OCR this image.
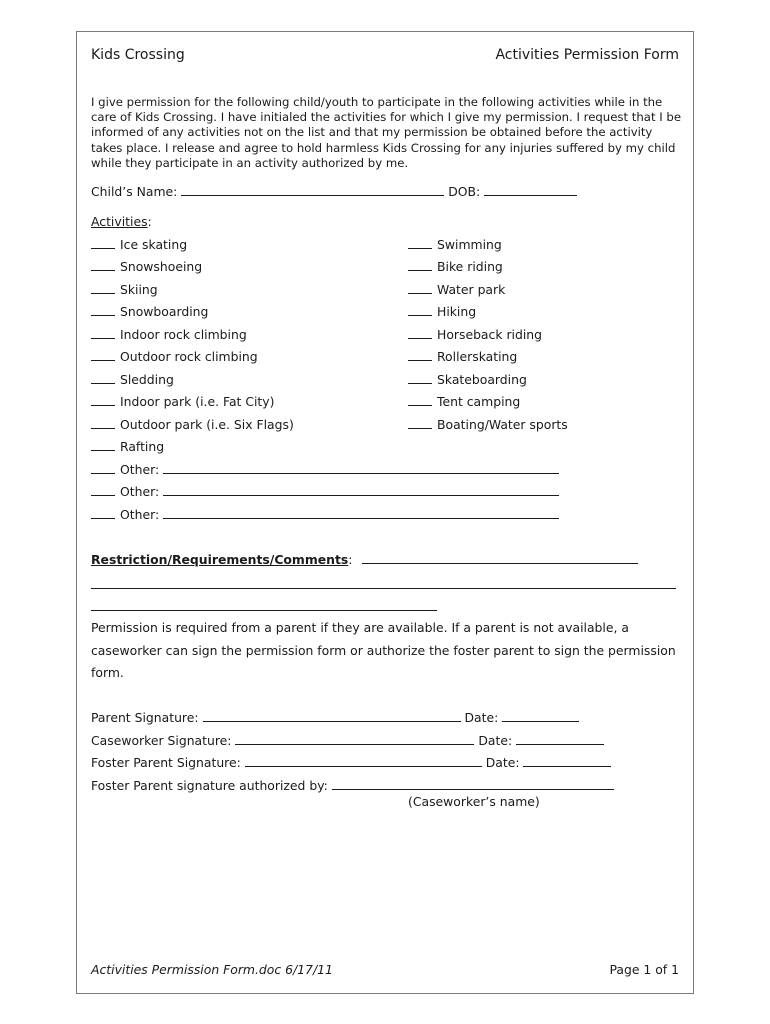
Kids Crossing	Activities Permission Form
I give permission for the following child/youth to participate in the following activities while in the care of Kids Crossing. I have initialed the activities for which I give my permission. I request that I be informed of any activities not on the list and that my permission be obtained before the activity takes place. I release and agree to hold harmless Kids Crossing for any injuries suffered by my child while they participate in an activity authorized by me.
Child’s Name:	DOB:
Activities:
Ice skating
Snowshoeing
Skiing
Snowboarding
Indoor rock climbing
Outdoor rock climbing
Sledding
Indoor park (i.e. Fat City)
Outdoor park (i.e. Six Flags)
Rafting
Swimming
Bike riding
Water park
Hiking
Horseback riding
Rollerskating
Skateboarding
Tent camping
Boating/Water sports
Other:
Other:
Other:
Restriction/Requirements/Comments:
Permission is required from a parent if they are available. If a parent is not available, a caseworker can sign the permission form or authorize the foster parent to sign the permission form.
Parent Signature:	Date:
Caseworker Signature:	Date:
Foster Parent Signature:	Date:
Foster Parent signature authorized by:
(Caseworker’s name)
Activities Permission Form.doc 6/17/11	Page 1 of 1
